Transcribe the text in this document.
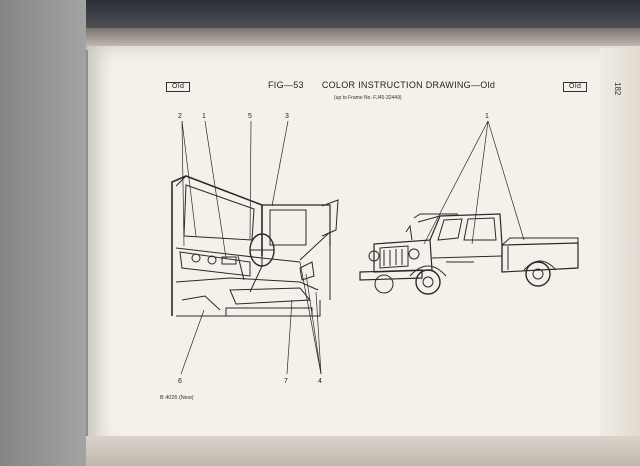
182
Old	Old
FIG—53 COLOR INSTRUCTION DRAWING—Old
(up to Frame No. FJ45-32449)
B 4026 (New)
2	1	5	3
6	7	4
1
